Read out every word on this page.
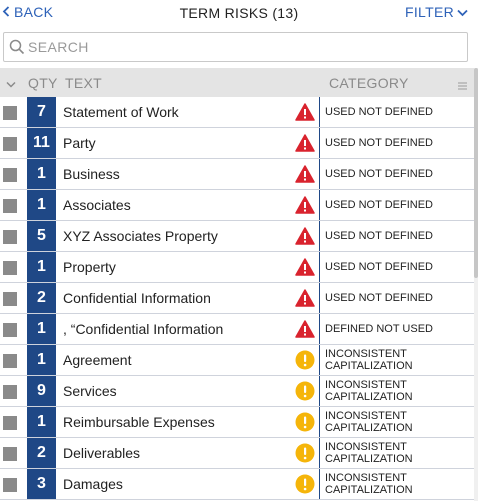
BACK	TERM RISKS (13)	FILTER
SEARCH
QTY TEXT	CATEGORY
7	Statement of Work	USED NOT DEFINED
11 Party	USED NOT DEFINED
1	Business	USED NOT DEFINED
1	Associates	USED NOT DEFINED
5	XYZ Associates Property	USED NOT DEFINED
1	Property	USED NOT DEFINED
2	Confidential Information	USED NOT DEFINED
1	, “Confidential Information	DEFINED NOT USED
1	Agreement	INCONSISTENT
CAPITALIZATION
9	Services	INCONSISTENT
CAPITALIZATION
1	Reimbursable Expenses	INCONSISTENT
CAPITALIZATION
2	Deliverables	INCONSISTENT
CAPITALIZATION
3	Damages	INCONSISTENT
CAPITALIZATION
